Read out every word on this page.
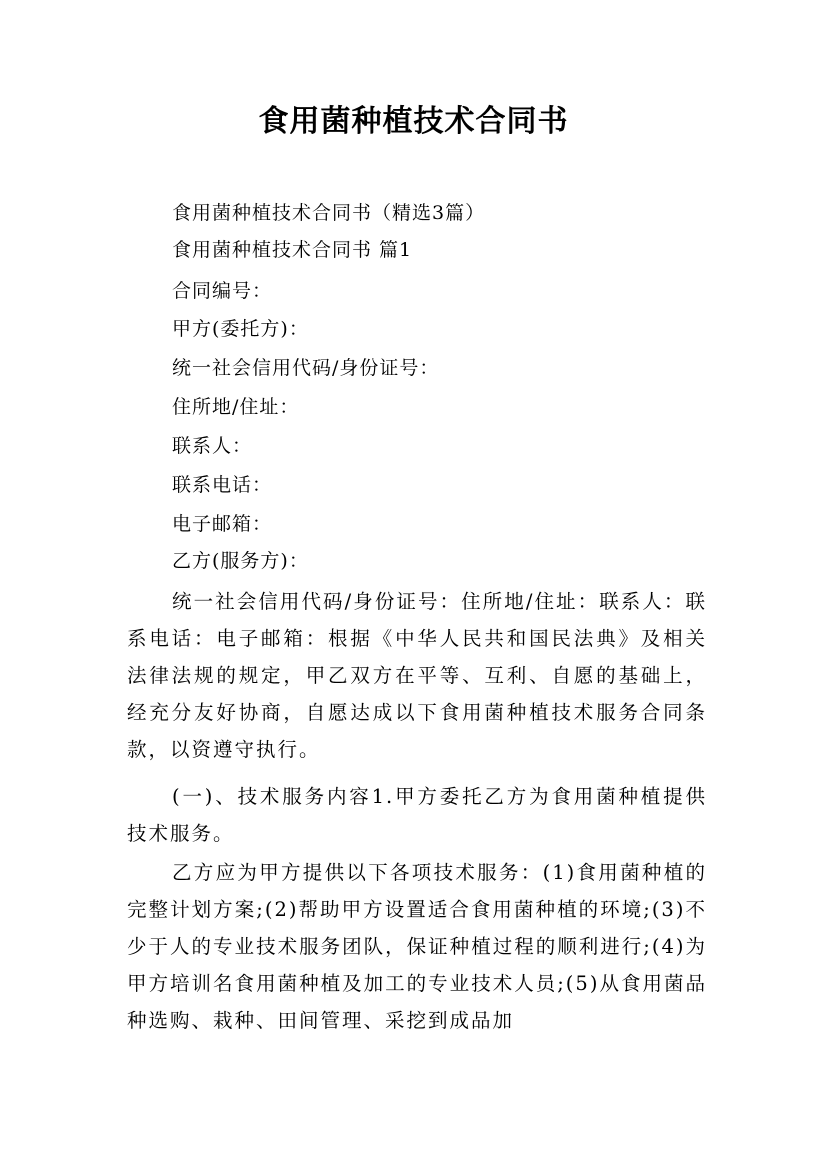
食用菌种植技术合同书
食用菌种植技术合同书（精选3篇）
食用菌种植技术合同书 篇1
合同编号：
甲方(委托方)：
统一社会信用代码/身份证号：
住所地/住址：
联系人：
联系电话：
电子邮箱：
乙方(服务方)：
统一社会信用代码/身份证号：住所地/住址：联系人：联系电话：电子邮箱：根据《中华人民共和国民法典》及相关法律法规的规定，甲乙双方在平等、互利、自愿的基础上，经充分友好协商，自愿达成以下食用菌种植技术服务合同条款，以资遵守执行。
(一)、技术服务内容1.甲方委托乙方为食用菌种植提供技术服务。
乙方应为甲方提供以下各项技术服务：(1)食用菌种植的完整计划方案;(2)帮助甲方设置适合食用菌种植的环境;(3)不少于人的专业技术服务团队，保证种植过程的顺利进行;(4)为甲方培训名食用菌种植及加工的专业技术人员;(5)从食用菌品种选购、栽种、田间管理、采挖到成品加
